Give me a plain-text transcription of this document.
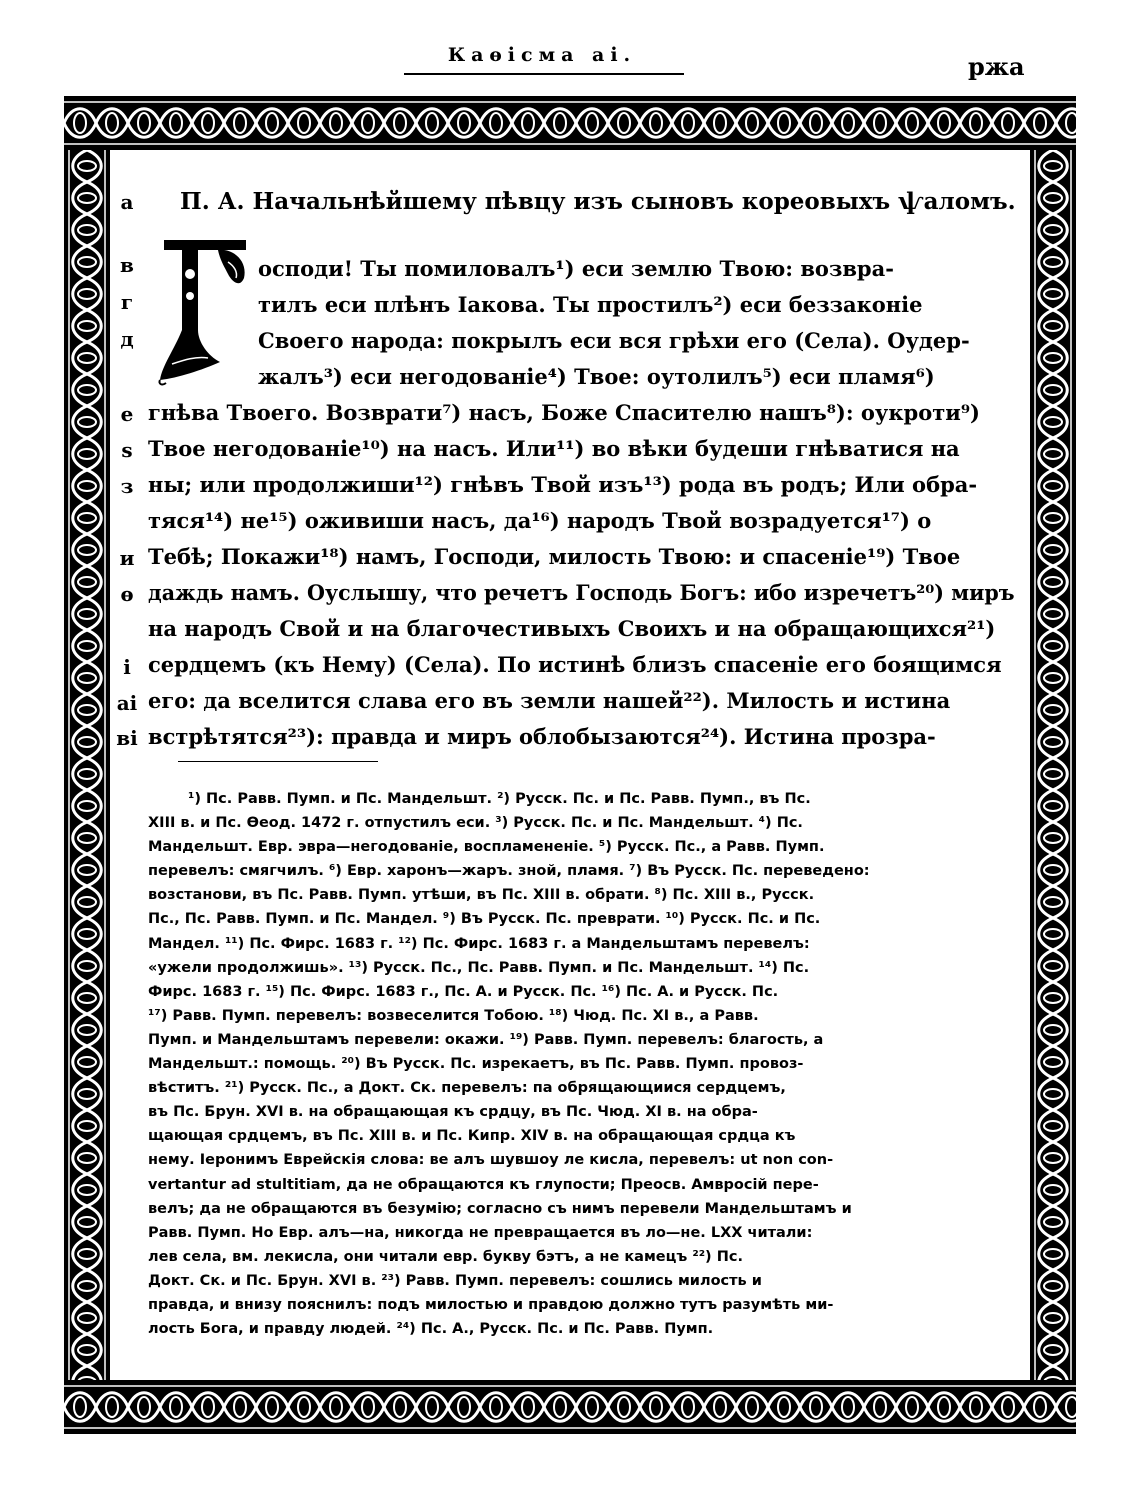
Каѳісма аі.	ржа
а
в
г
д
е
ѕ
з
и
ѳ
і
аі
ві
П. А. Начальнѣйшему пѣвцу изъ сыновъ кореовыхъ ѱаломъ.
осподи! Ты помиловалъ¹) еси землю Твою: возвра-
тилъ еси плѣнъ Іакова. Ты простилъ²) еси беззаконіе
Своего народа: покрылъ еси вся грѣхи его (Села). Оудер-
жалъ³) еси негодованіе⁴) Твое: оутолилъ⁵) еси пламя⁶)
гнѣва Твоего. Возврати⁷) насъ, Боже Спасителю нашъ⁸): оукроти⁹)
Твое негодованіе¹⁰) на насъ. Или¹¹) во вѣки будеши гнѣватися на
ны; или продолжиши¹²) гнѣвъ Твой изъ¹³) рода въ родъ; Или обра-
тяся¹⁴) не¹⁵) оживиши насъ, да¹⁶) народъ Твой возрадуется¹⁷) о
Тебѣ; Покажи¹⁸) намъ, Господи, милость Твою: и спасеніе¹⁹) Твое
даждь намъ. Оуслышу, что речетъ Господь Богъ: ибо изречетъ²⁰) миръ
на народъ Свой и на благочестивыхъ Своихъ и на обращающихся²¹)
сердцемъ (къ Нему) (Села). По истинѣ близъ спасеніе его боящимся
его: да вселится слава его въ земли нашей²²). Милость и истина
встрѣтятся²³): правда и миръ облобызаются²⁴). Истина прозра-
¹) Пс. Равв. Пумп. и Пс. Мандельшт. ²) Русск. Пс. и Пс. Равв. Пумп., въ Пс.
XIII в. и Пс. Ѳеод. 1472 г. отпустилъ еси. ³) Русск. Пс. и Пс. Мандельшт. ⁴) Пс.
Мандельшт. Евр. эвра—негодованіе, воспламененіе. ⁵) Русск. Пс., а Равв. Пумп.
перевелъ: смягчилъ. ⁶) Евр. харонъ—жаръ. зной, пламя. ⁷) Въ Русск. Пс. переведено:
возстанови, въ Пс. Равв. Пумп. утѣши, въ Пс. XIII в. обрати. ⁸) Пс. XIII в., Русск.
Пс., Пс. Равв. Пумп. и Пс. Мандел. ⁹) Въ Русск. Пс. преврати. ¹⁰) Русск. Пс. и Пс.
Мандел. ¹¹) Пс. Фирс. 1683 г. ¹²) Пс. Фирс. 1683 г. а Мандельштамъ перевелъ:
«ужели продолжишь». ¹³) Русск. Пс., Пс. Равв. Пумп. и Пс. Мандельшт. ¹⁴) Пс.
Фирс. 1683 г. ¹⁵) Пс. Фирс. 1683 г., Пс. А. и Русск. Пс. ¹⁶) Пс. А. и Русск. Пс.
¹⁷) Равв. Пумп. перевелъ: возвеселится Тобою. ¹⁸) Чюд. Пс. XI в., а Равв.
Пумп. и Мандельштамъ перевели: окажи. ¹⁹) Равв. Пумп. перевелъ: благость, а
Мандельшт.: помощь. ²⁰) Въ Русск. Пс. изрекаетъ, въ Пс. Равв. Пумп. провоз-
вѣститъ. ²¹) Русск. Пс., а Докт. Ск. перевелъ: па обрящающиися сердцемъ,
въ Пс. Брун. XVI в. на обращающая къ срдцу, въ Пс. Чюд. XI в. на обра-
щающая срдцемъ, въ Пс. XIII в. и Пс. Кипр. XIV в. на обращающая срдца къ
нему. Іеронимъ Еврейскія слова: ве алъ шувшоу ле кисла, перевелъ: ut non con-
vertantur ad stultitiam, да не обращаются къ глупости; Преосв. Амвросій пере-
велъ; да не обращаются въ безумію; согласно съ нимъ перевели Мандельштамъ и
Равв. Пумп. Но Евр. алъ—на, никогда не превращается въ ло—не. LXX читали:
лев села, вм. лекисла, они читали евр. букву бэтъ, а не камецъ ²²) Пс.
Докт. Ск. и Пс. Брун. XVI в. ²³) Равв. Пумп. перевелъ: сошлись милость и
правда, и внизу пояснилъ: подъ милостью и правдою должно тутъ разумѣть ми-
лость Бога, и правду людей. ²⁴) Пс. А., Русск. Пс. и Пс. Равв. Пумп.
